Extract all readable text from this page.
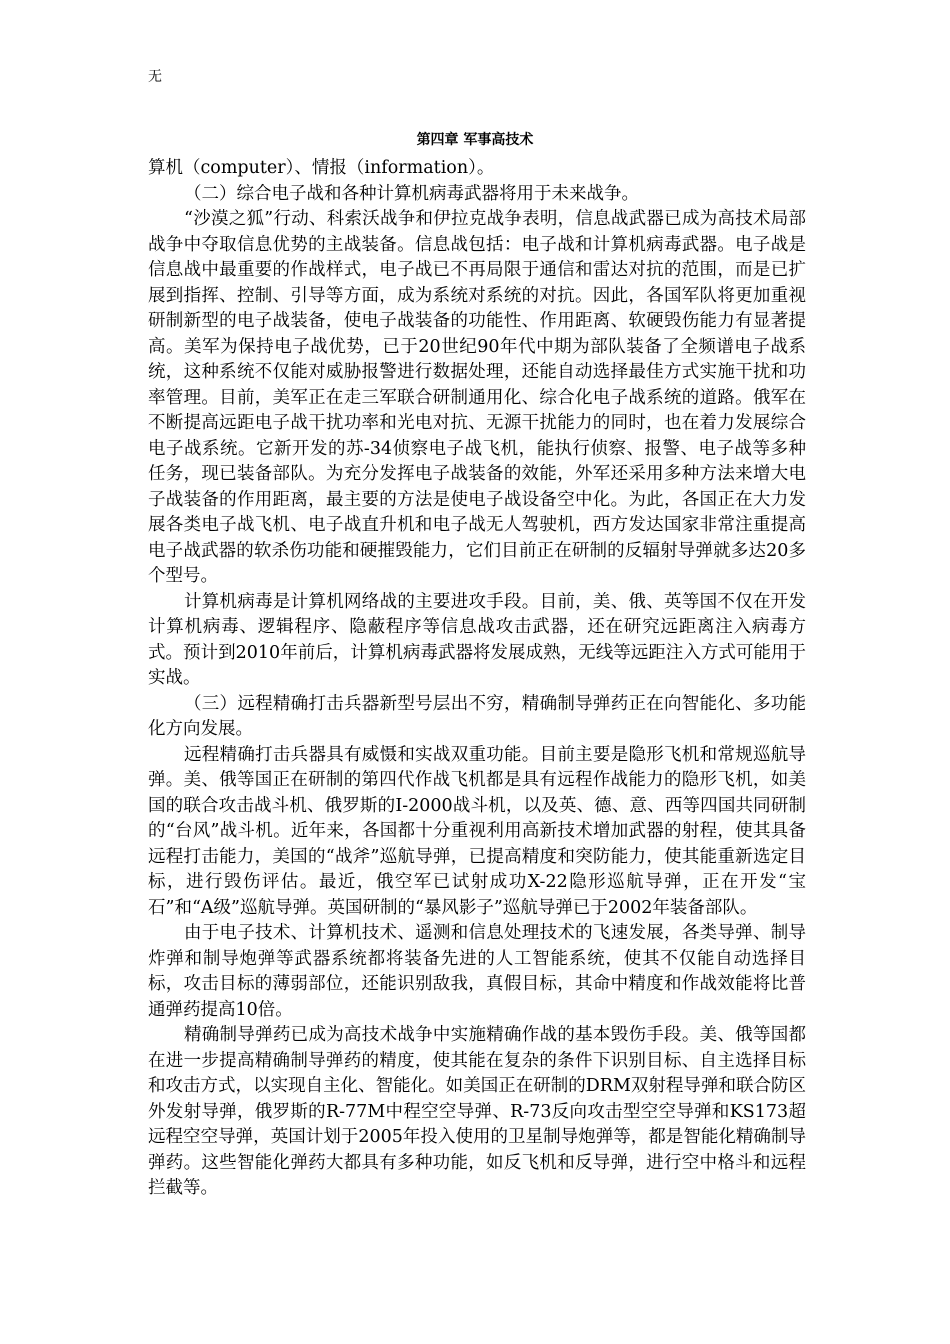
无
第四章 军事高技术

算机（computer）、情报（information）。

（二）综合电子战和各种计算机病毒武器将用于未来战争。

“沙漠之狐”行动、科索沃战争和伊拉克战争表明，信息战武器已成为高技术局部战争中夺取信息优势的主战装备。信息战包括：电子战和计算机病毒武器。电子战是信息战中最重要的作战样式，电子战已不再局限于通信和雷达对抗的范围，而是已扩展到指挥、控制、引导等方面，成为系统对系统的对抗。因此，各国军队将更加重视研制新型的电子战装备，使电子战装备的功能性、作用距离、软硬毁伤能力有显著提高。美军为保持电子战优势，已于20世纪90年代中期为部队装备了全频谱电子战系统，这种系统不仅能对威胁报警进行数据处理，还能自动选择最佳方式实施干扰和功率管理。目前，美军正在走三军联合研制通用化、综合化电子战系统的道路。俄军在不断提高远距电子战干扰功率和光电对抗、无源干扰能力的同时，也在着力发展综合电子战系统。它新开发的苏-34侦察电子战飞机，能执行侦察、报警、电子战等多种任务，现已装备部队。为充分发挥电子战装备的效能，外军还采用多种方法来增大电子战装备的作用距离，最主要的方法是使电子战设备空中化。为此，各国正在大力发展各类电子战飞机、电子战直升机和电子战无人驾驶机，西方发达国家非常注重提高电子战武器的软杀伤功能和硬摧毁能力，它们目前正在研制的反辐射导弹就多达20多个型号。

计算机病毒是计算机网络战的主要进攻手段。目前，美、俄、英等国不仅在开发计算机病毒、逻辑程序、隐蔽程序等信息战攻击武器，还在研究远距离注入病毒方式。预计到2010年前后，计算机病毒武器将发展成熟，无线等远距注入方式可能用于实战。

（三）远程精确打击兵器新型号层出不穷，精确制导弹药正在向智能化、多功能化方向发展。

远程精确打击兵器具有威慑和实战双重功能。目前主要是隐形飞机和常规巡航导弹。美、俄等国正在研制的第四代作战飞机都是具有远程作战能力的隐形飞机，如美国的联合攻击战斗机、俄罗斯的I-2000战斗机，以及英、德、意、西等四国共同研制的“台风”战斗机。近年来，各国都十分重视利用高新技术增加武器的射程，使其具备远程打击能力，美国的“战斧”巡航导弹，已提高精度和突防能力，使其能重新选定目标，进行毁伤评估。最近，俄空军已试射成功X-22隐形巡航导弹，正在开发“宝石”和“A级”巡航导弹。英国研制的“暴风影子”巡航导弹已于2002年装备部队。

由于电子技术、计算机技术、遥测和信息处理技术的飞速发展，各类导弹、制导炸弹和制导炮弹等武器系统都将装备先进的人工智能系统，使其不仅能自动选择目标，攻击目标的薄弱部位，还能识别敌我，真假目标，其命中精度和作战效能将比普通弹药提高10倍。

精确制导弹药已成为高技术战争中实施精确作战的基本毁伤手段。美、俄等国都在进一步提高精确制导弹药的精度，使其能在复杂的条件下识别目标、自主选择目标和攻击方式，以实现自主化、智能化。如美国正在研制的DRM双射程导弹和联合防区外发射导弹，俄罗斯的R-77M中程空空导弹、R-73反向攻击型空空导弹和KS173超远程空空导弹，英国计划于2005年投入使用的卫星制导炮弹等，都是智能化精确制导弹药。这些智能化弹药大都具有多种功能，如反飞机和反导弹，进行空中格斗和远程拦截等。
